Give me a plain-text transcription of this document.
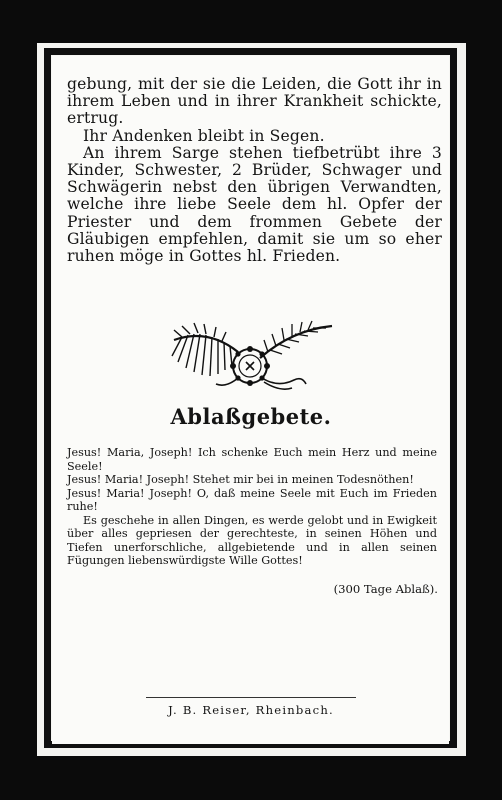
gebung, mit der sie die Leiden, die Gott ihr in ihrem Leben und in ihrer Krankheit schickte, ertrug.

Ihr Andenken bleibt in Segen.

An ihrem Sarge stehen tiefbetrübt ihre 3 Kinder, Schwester, 2 Brüder, Schwager und Schwägerin nebst den übrigen Verwandten, welche ihre liebe Seele dem hl. Opfer der Priester und dem frommen Gebete der Gläubigen empfehlen, damit sie um so eher ruhen möge in Gottes hl. Frieden.

Ablaßgebete.

Jesus! Maria, Joseph! Ich schenke Euch mein Herz und meine Seele!

Jesus! Maria! Joseph! Stehet mir bei in meinen Todesnöthen!

Jesus! Maria! Joseph! O, daß meine Seele mit Euch im Frieden ruhe!

Es geschehe in allen Dingen, es werde gelobt und in Ewigkeit über alles gepriesen der gerechteste, in seinen Höhen und Tiefen unerforschliche, allgebietende und in allen seinen Fügungen liebenswürdigste Wille Gottes!

(300 Tage Ablaß).
J. B. Reiser, Rheinbach.
